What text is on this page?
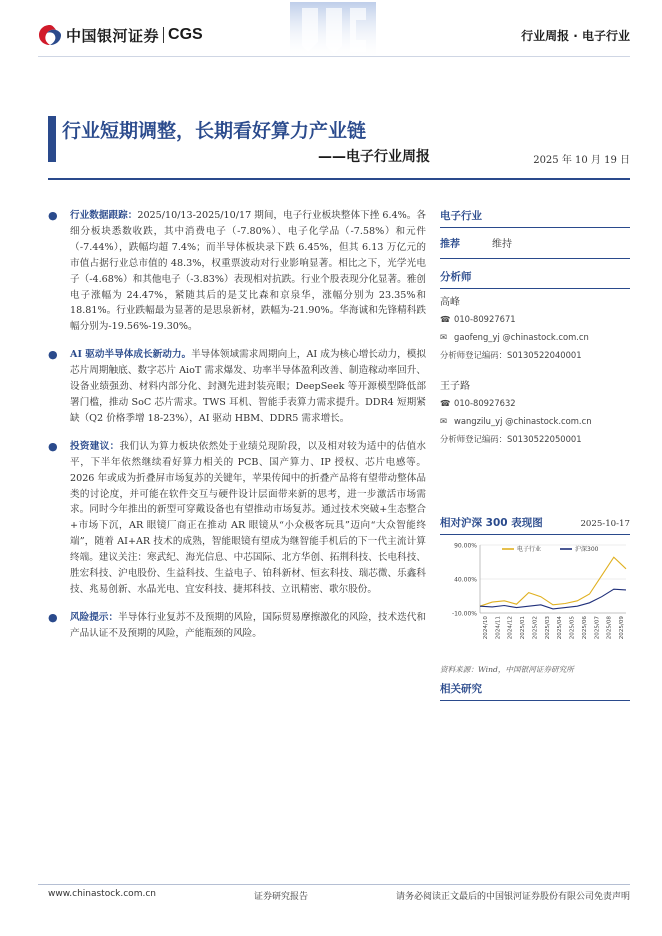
中国银河证券 CGS	行业周报 · 电子行业
行业短期调整，长期看好算力产业链
——电子行业周报	2025 年 10 月 19 日
● 行业数据跟踪：2025/10/13-2025/10/17 期间，电子行业板块整体下挫 6.4%。各细分板块悉数收跌，其中消费电子（-7.80%）、电子化学品（-7.58%）和元件（-7.44%），跌幅均超 7.4%；而半导体板块录下跌 6.45%，但其 6.13 万亿元的市值占据行业总市值的 48.3%，权重票波动对行业影响显著。相比之下，光学光电子（-4.68%）和其他电子（-3.83%）表现相对抗跌。行业个股表现分化显著。雅创电子涨幅为 24.47%，紧随其后的是艾比森和京泉华，涨幅分别为 23.35%和 18.81%。行业跌幅最为显著的是思泉新材，跌幅为-21.90%。华海诚和先锋精科跌幅分别为-19.56%-19.30%。
● AI 驱动半导体成长新动力。半导体领域需求周期向上，AI 成为核心增长动力，模拟芯片周期触底、数字芯片 AioT 需求爆发、功率半导体盈利改善、制造稼动率回升、设备业绩强劲、材料内部分化、封测先进封装亮眼；DeepSeek 等开源模型降低部署门槛，推动 SoC 芯片需求。TWS 耳机、智能手表算力需求提升。DDR4 短期紧缺（Q2 价格季增 18-23%），AI 驱动 HBM、DDR5 需求增长。
● 投资建议：我们认为算力板块依然处于业绩兑现阶段，以及相对较为适中的估值水平，下半年依然继续看好算力相关的 PCB、国产算力、IP 授权、芯片电感等。2026 年或成为折叠屏市场复苏的关键年，苹果传闻中的折叠产品将有望带动整体品类的讨论度，并可能在软件交互与硬件设计层面带来新的思考，进一步激活市场需求。同时今年推出的新型可穿戴设备也有望推动市场复苏。通过技术突破+生态整合+市场下沉，AR 眼镜厂商正在推动 AR 眼镜从“小众极客玩具”迈向“大众智能终端”，随着 AI+AR 技术的成熟，智能眼镜有望成为继智能手机后的下一代主流计算终端。建议关注：寒武纪、海光信息、中芯国际、北方华创、拓荆科技、长电科技、胜宏科技、沪电股份、生益科技、生益电子、铂科新材、恒玄科技、瑞芯微、乐鑫科技、兆易创新、水晶光电、宜安科技、捷邦科技、立讯精密、歌尔股份。
● 风险提示：半导体行业复苏不及预期的风险，国际贸易摩擦激化的风险，技术迭代和产品认证不及预期的风险，产能瓶颈的风险。
电子行业
推荐	维持
分析师
高峰
☎ 010-80927671
✉ gaofeng_yj @chinastock.com.cn
分析师登记编码：S0130522040001
王子路
☎ 010-80927632
✉ wangzilu_yj @chinastock.com.cn
分析师登记编码：S0130522050001
相对沪深 300 表现图	2025-10-17
90.00%
40.00%
-10.00%
2024/10 2024/11 2024/12 2025/01 2025/02 2025/03 2025/04 2025/05 2025/06 2025/07 2025/08 2025/09
电子行业	沪深300
资料来源：Wind，中国银河证券研究所
相关研究
www.chinastock.com.cn	证券研究报告	请务必阅读正文最后的中国银河证券股份有限公司免责声明
